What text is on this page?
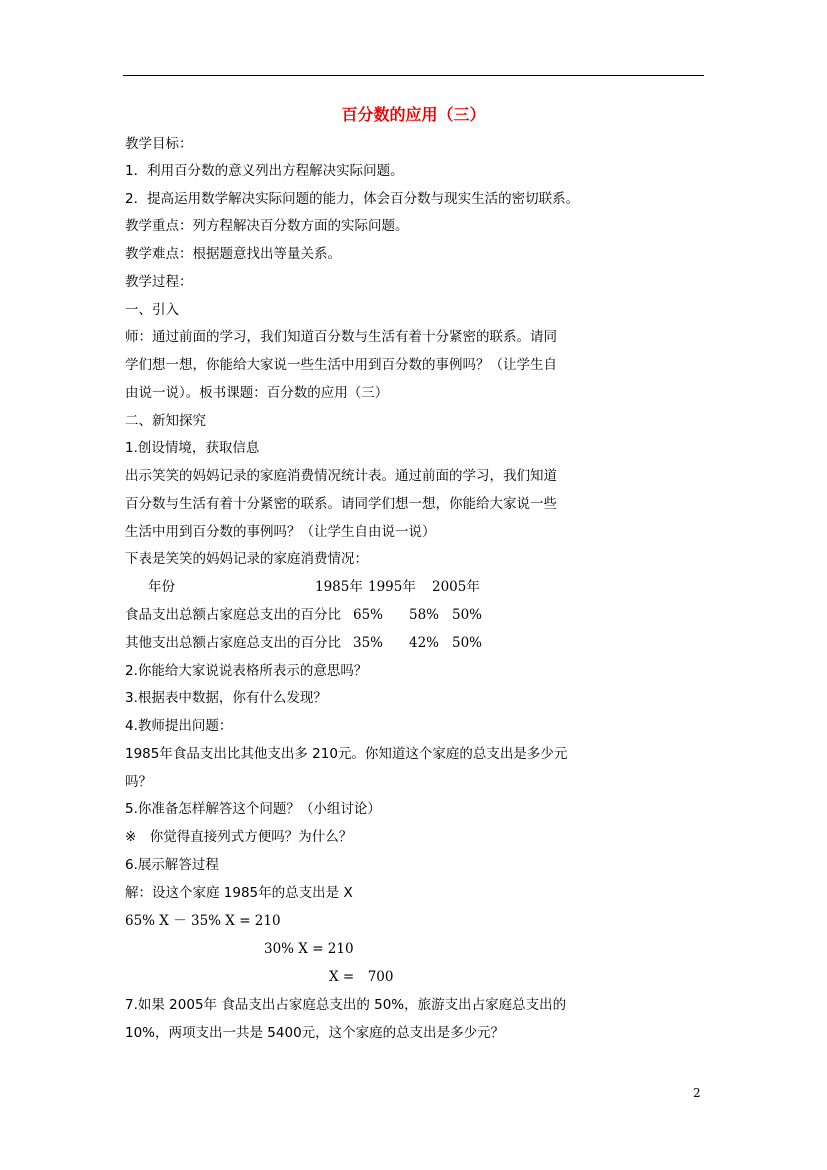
百分数的应用（三）
教学目标：
1．利用百分数的意义列出方程解决实际问题。
2．提高运用数学解决实际问题的能力，体会百分数与现实生活的密切联系。
教学重点：列方程解决百分数方面的实际问题。
教学难点：根据题意找出等量关系。
教学过程：
一、引入
师：通过前面的学习，我们知道百分数与生活有着十分紧密的联系。请同
学们想一想，你能给大家说一些生活中用到百分数的事例吗？（让学生自
由说一说）。板书课题：百分数的应用（三）
二、新知探究
1.创设情境，获取信息
出示笑笑的妈妈记录的家庭消费情况统计表。通过前面的学习，我们知道
百分数与生活有着十分紧密的联系。请同学们想一想，你能给大家说一些
生活中用到百分数的事例吗？（让学生自由说一说）
下表是笑笑的妈妈记录的家庭消费情况：
年份	1985年 1995年 2005年
食品支出总额占家庭总支出的百分比 65% 58% 50%
其他支出总额占家庭总支出的百分比 35% 42% 50%
2.你能给大家说说表格所表示的意思吗？
3.根据表中数据，你有什么发现？
4.教师提出问题：
1985年食品支出比其他支出多 210元。你知道这个家庭的总支出是多少元
吗？
5.你准备怎样解答这个问题？（小组讨论）
※　你觉得直接列式方便吗？为什么？
6.展示解答过程
解：设这个家庭 1985年的总支出是 X
65% X － 35% X = 210
30% X = 210
X =　700
7.如果 2005年 食品支出占家庭总支出的 50%，旅游支出占家庭总支出的
10%，两项支出一共是 5400元，这个家庭的总支出是多少元？
2
